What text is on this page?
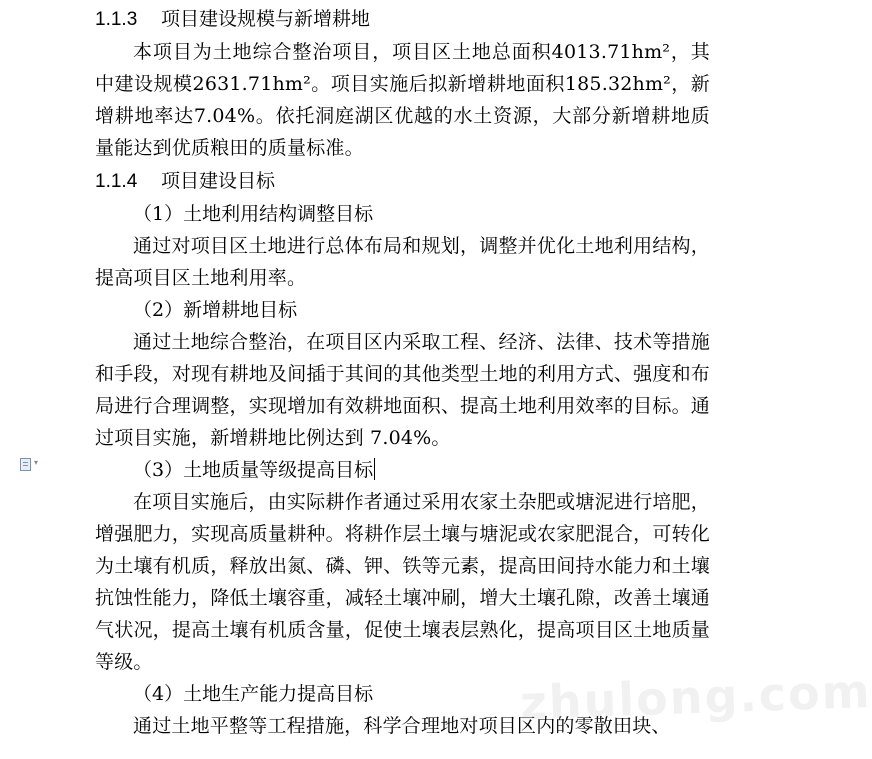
▾
1.1.3 项目建设规模与新增耕地
本项目为土地综合整治项目，项目区土地总面积4013.71hm²，其中建设规模2631.71hm²。项目实施后拟新增耕地面积185.32hm²，新增耕地率达7.04%。依托洞庭湖区优越的水土资源，大部分新增耕地质量能达到优质粮田的质量标准。
1.1.4 项目建设目标
（1）土地利用结构调整目标
通过对项目区土地进行总体布局和规划，调整并优化土地利用结构，提高项目区土地利用率。
（2）新增耕地目标
通过土地综合整治，在项目区内采取工程、经济、法律、技术等措施和手段，对现有耕地及间插于其间的其他类型土地的利用方式、强度和布局进行合理调整，实现增加有效耕地面积、提高土地利用效率的目标。通过项目实施，新增耕地比例达到 7.04%。
（3）土地质量等级提高目标
在项目实施后，由实际耕作者通过采用农家土杂肥或塘泥进行培肥，增强肥力，实现高质量耕种。将耕作层土壤与塘泥或农家肥混合，可转化为土壤有机质，释放出氮、磷、钾、铁等元素，提高田间持水能力和土壤抗蚀性能力，降低土壤容重，减轻土壤冲刷，增大土壤孔隙，改善土壤通气状况，提高土壤有机质含量，促使土壤表层熟化，提高项目区土地质量等级。
（4）土地生产能力提高目标
通过土地平整等工程措施，科学合理地对项目区内的零散田块、
zhulong.com
